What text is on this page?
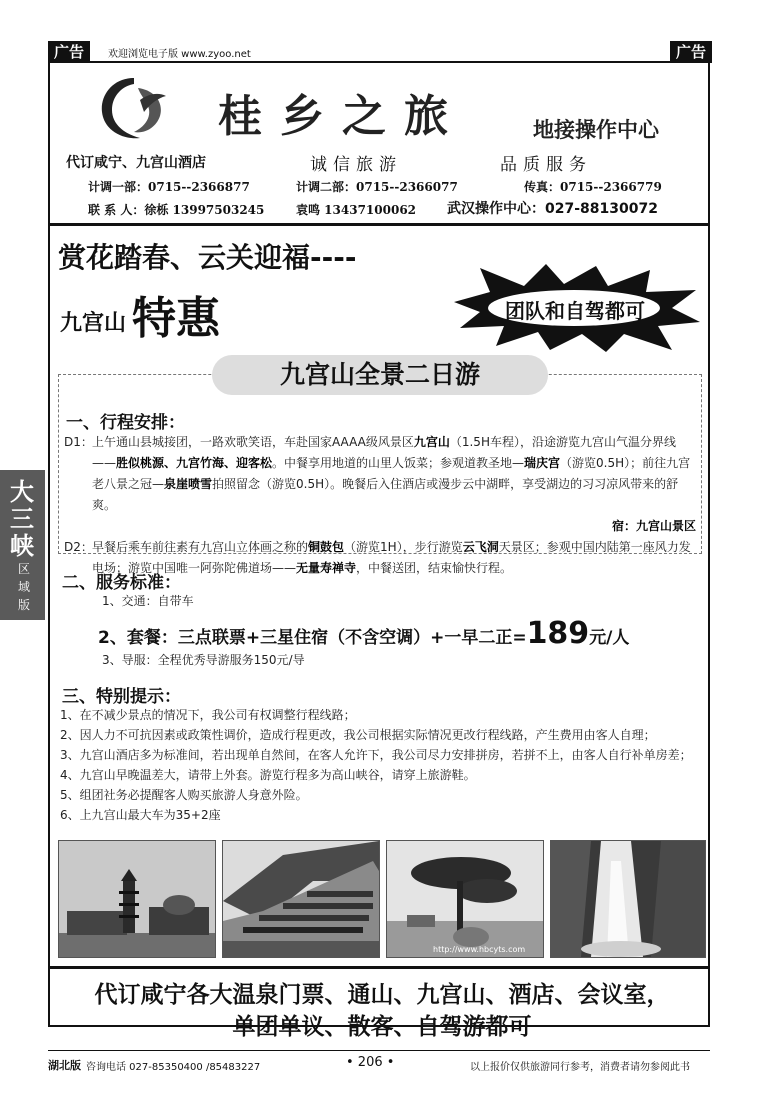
广告	欢迎浏览电子版 www.zyoo.net	广告
桂乡之旅	地接操作中心
代订咸宁、九宫山酒店	诚信旅游	品质服务
计调一部：0715--2366877	计调二部：0715--2366077	传真：0715--2366779
联 系 人：徐栎 13997503245	袁鸣 13437100062 武汉操作中心：027-88130072
赏花踏春、云关迎福----
九宫山 特惠	团队和自驾都可
九宫山全景二日游
一、行程安排：
D1： 上午通山县城接团，一路欢歌笑语，车赴国家AAAA级风景区九宫山（1.5H车程），沿途游览九宫山气温分界线——胜似桃源、九宫竹海、迎客松。中餐享用地道的山里人饭菜；参观道教圣地—瑞庆宫（游览0.5H）；前往九宫老八景之冠—泉崖喷雪拍照留念（游览0.5H）。晚餐后入住酒店或漫步云中湖畔，享受湖边的习习凉风带来的舒爽。
宿：九宫山景区
D2： 早餐后乘车前往素有九宫山立体画之称的铜鼓包（游览1H），步行游览云飞洞天景区；参观中国内陆第一座风力发电场；游览中国唯一阿弥陀佛道场——无量寿禅寺，中餐送团，结束愉快行程。
二、服务标准：
1、交通：自带车
2、套餐：三点联票+三星住宿（不含空调）+一早二正=189元/人
3、导服：全程优秀导游服务150元/导
三、特别提示：
1、在不减少景点的情况下，我公司有权调整行程线路；
2、因人力不可抗因素或政策性调价，造成行程更改，我公司根据实际情况更改行程线路，产生费用由客人自理；
3、九宫山酒店多为标准间，若出现单自然间，在客人允许下，我公司尽力安排拼房，若拼不上，由客人自行补单房差；
4、九宫山早晚温差大，请带上外套。游览行程多为高山峡谷，请穿上旅游鞋。
5、组团社务必提醒客人购买旅游人身意外险。
6、上九宫山最大车为35+2座
http://www.hbcyts.com
代订咸宁各大温泉门票、通山、九宫山、酒店、会议室，
单团单议、散客、自驾游都可
大三峡
区域版
湖北版 咨询电话 027-85350400 /85483227	• 206 •	以上报价仅供旅游同行参考，消费者请勿参阅此书
